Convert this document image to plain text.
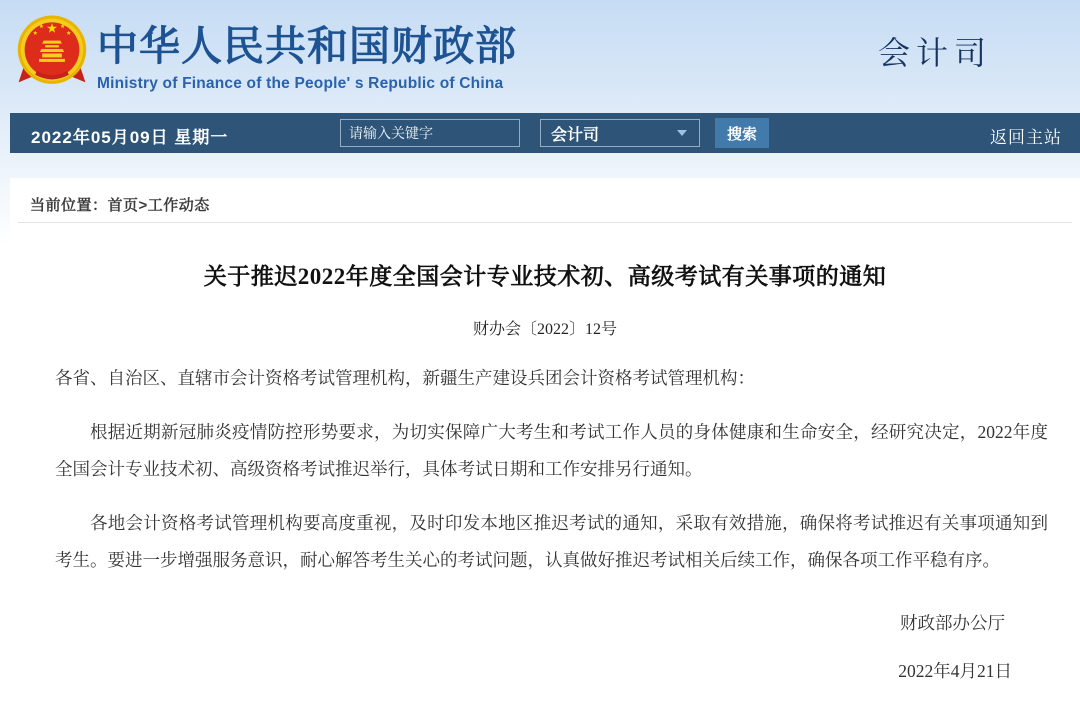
中华人民共和国财政部
Ministry of Finance of the People' s Republic of China
会计司
2022年05月09日 星期一
请输入关键字	会计司	搜索	返回主站
当前位置：首页>工作动态
关于推迟2022年度全国会计专业技术初、高级考试有关事项的通知
财办会〔2022〕12号

各省、自治区、直辖市会计资格考试管理机构，新疆生产建设兵团会计资格考试管理机构：

根据近期新冠肺炎疫情防控形势要求，为切实保障广大考生和考试工作人员的身体健康和生命安全，经研究决定，2022年度全国会计专业技术初、高级资格考试推迟举行，具体考试日期和工作安排另行通知。

各地会计资格考试管理机构要高度重视，及时印发本地区推迟考试的通知，采取有效措施，确保将考试推迟有关事项通知到考生。要进一步增强服务意识，耐心解答考生关心的考试问题，认真做好推迟考试相关后续工作，确保各项工作平稳有序。

财政部办公厅
2022年4月21日
